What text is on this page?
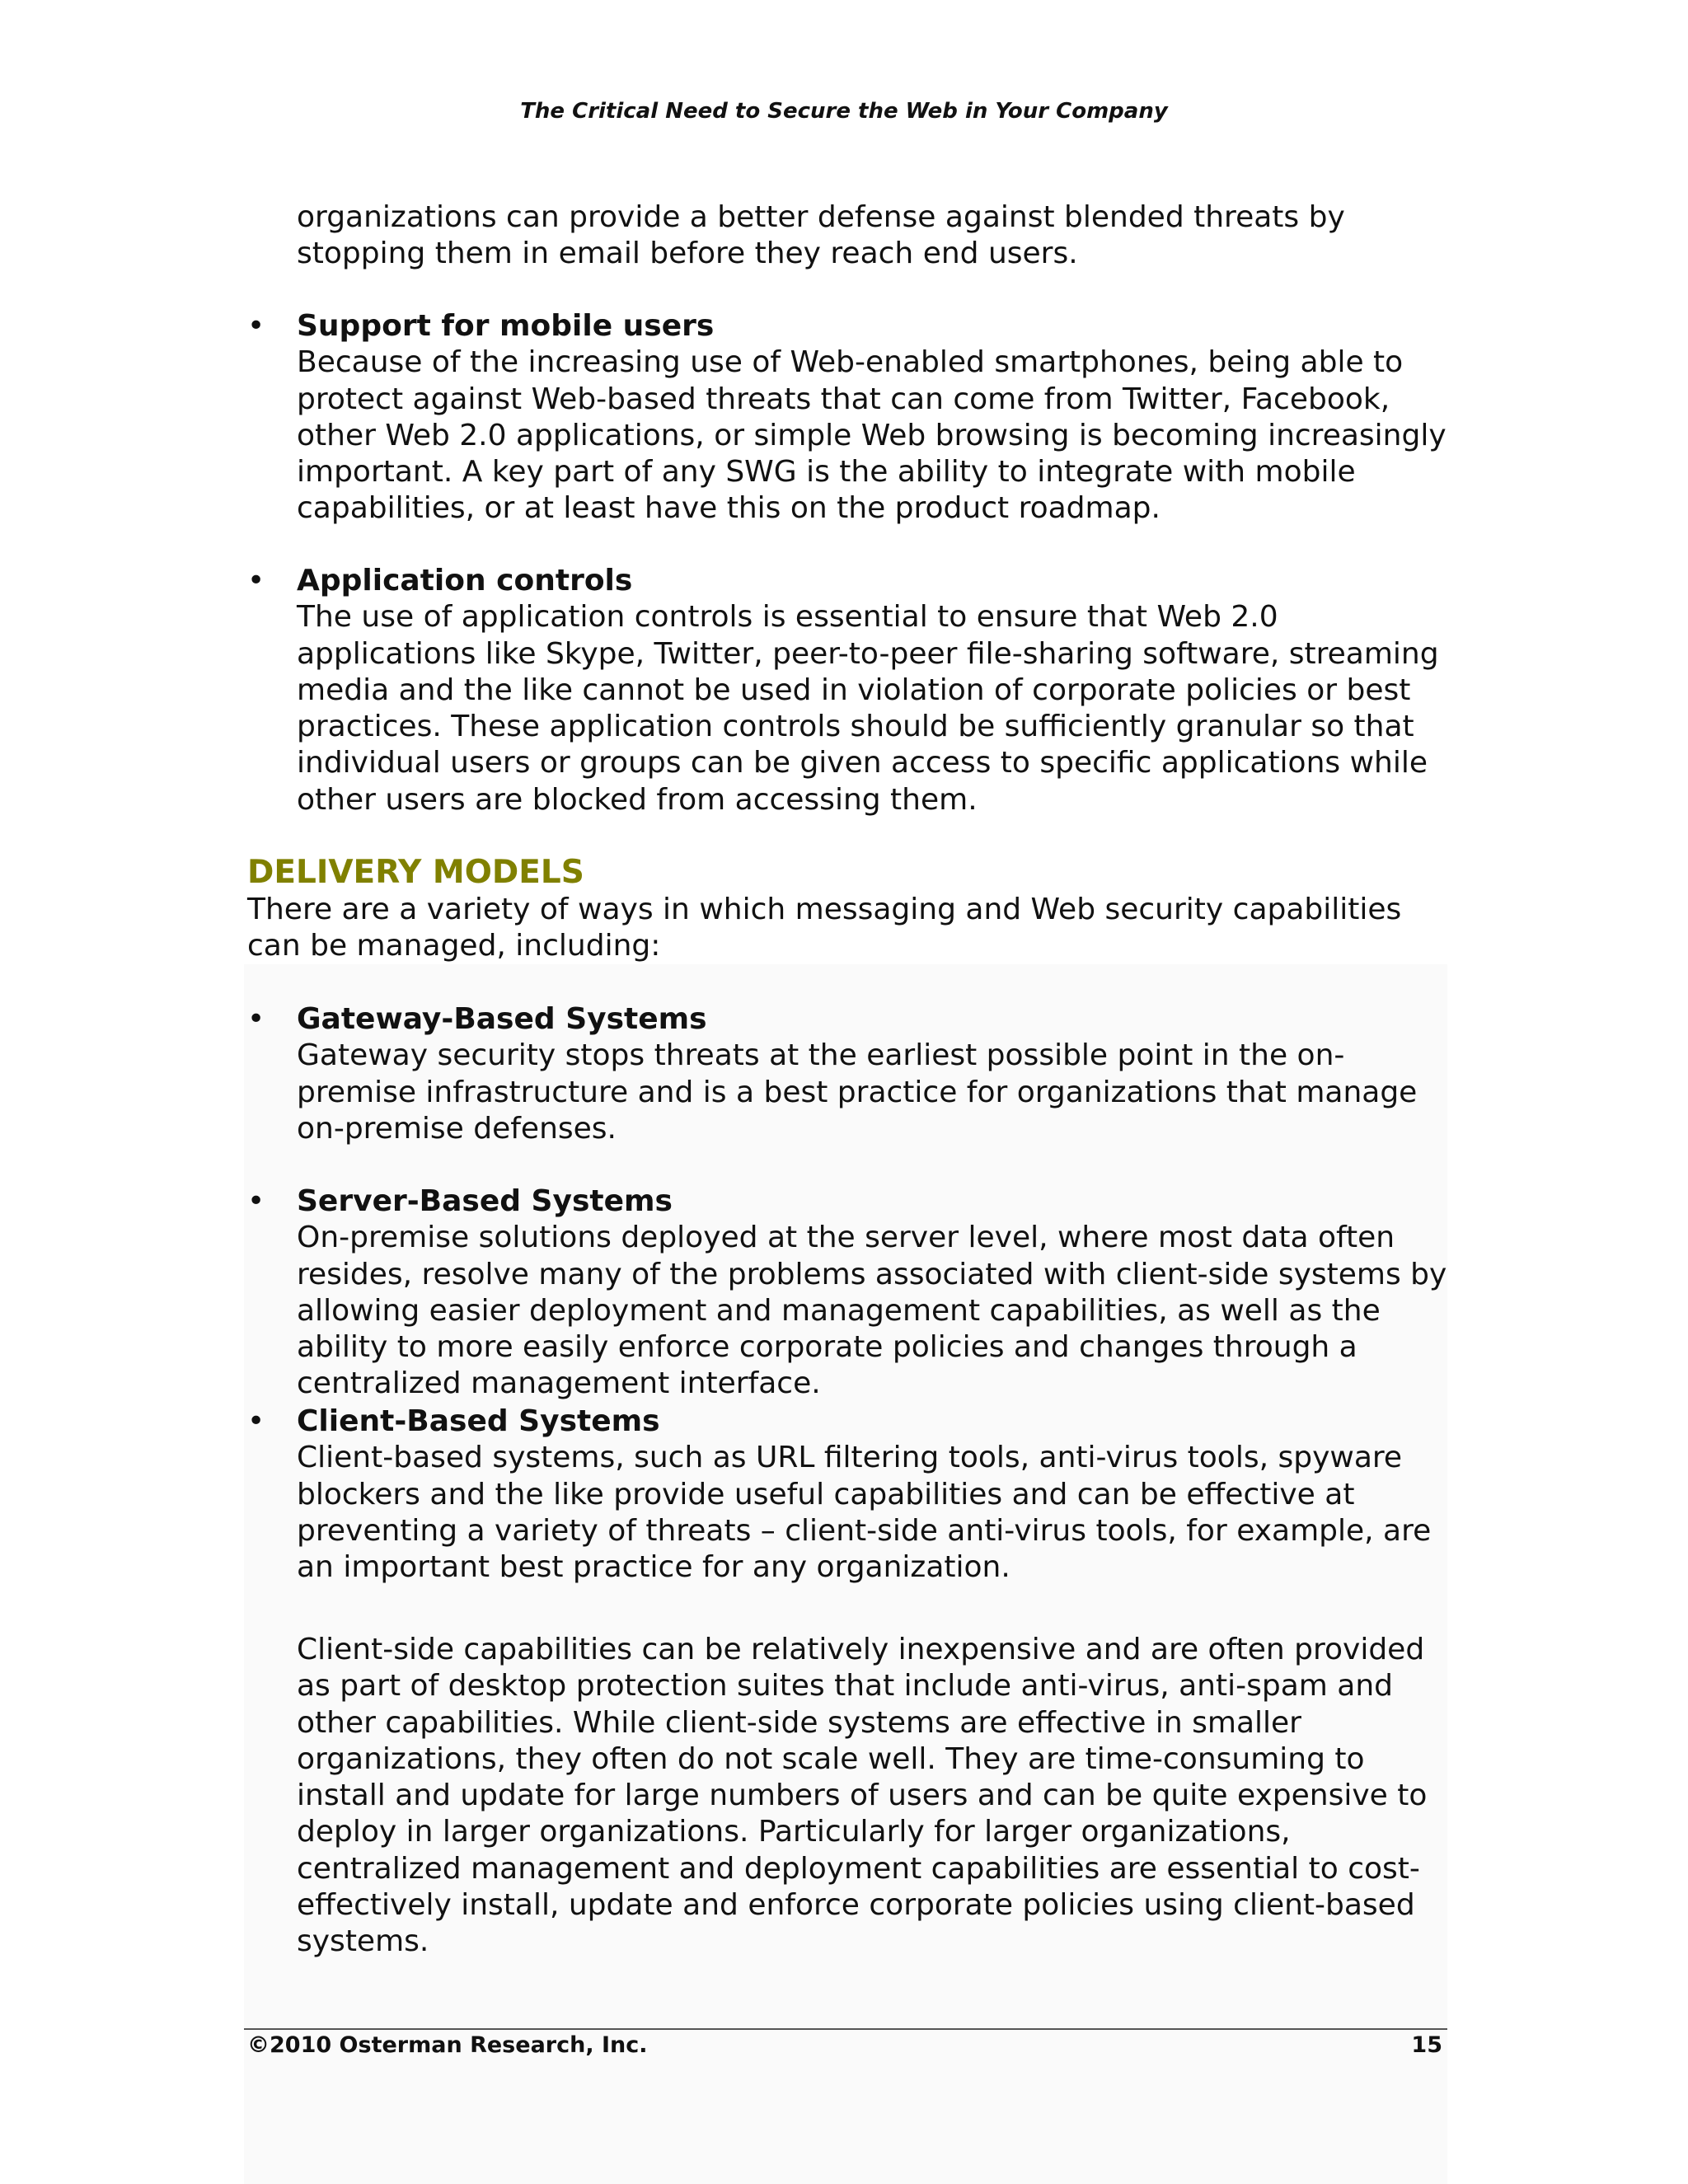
The Critical Need to Secure the Web in Your Company

organizations can provide a better defense against blended threats by stopping them in email before they reach end users.

• Support for mobile users
Because of the increasing use of Web-enabled smartphones, being able to protect against Web-based threats that can come from Twitter, Facebook, other Web 2.0 applications, or simple Web browsing is becoming increasingly important. A key part of any SWG is the ability to integrate with mobile capabilities, or at least have this on the product roadmap.
• Application controls
The use of application controls is essential to ensure that Web 2.0 applications like Skype, Twitter, peer-to-peer file-sharing software, streaming media and the like cannot be used in violation of corporate policies or best practices. These application controls should be sufficiently granular so that individual users or groups can be given access to specific applications while other users are blocked from accessing them.
DELIVERY MODELS

There are a variety of ways in which messaging and Web security capabilities can be managed, including:

• Gateway-Based Systems
Gateway security stops threats at the earliest possible point in the on-premise infrastructure and is a best practice for organizations that manage on-premise defenses.
• Server-Based Systems
On-premise solutions deployed at the server level, where most data often resides, resolve many of the problems associated with client-side systems by allowing easier deployment and management capabilities, as well as the ability to more easily enforce corporate policies and changes through a centralized management interface.
• Client-Based Systems
Client-based systems, such as URL filtering tools, anti-virus tools, spyware blockers and the like provide useful capabilities and can be effective at preventing a variety of threats – client-side anti-virus tools, for example, are an important best practice for any organization.

Client-side capabilities can be relatively inexpensive and are often provided as part of desktop protection suites that include anti-virus, anti-spam and other capabilities. While client-side systems are effective in smaller organizations, they often do not scale well. They are time-consuming to install and update for large numbers of users and can be quite expensive to deploy in larger organizations. Particularly for larger organizations, centralized management and deployment capabilities are essential to cost-effectively install, update and enforce corporate policies using client-based systems.

©2010 Osterman Research, Inc.	15
